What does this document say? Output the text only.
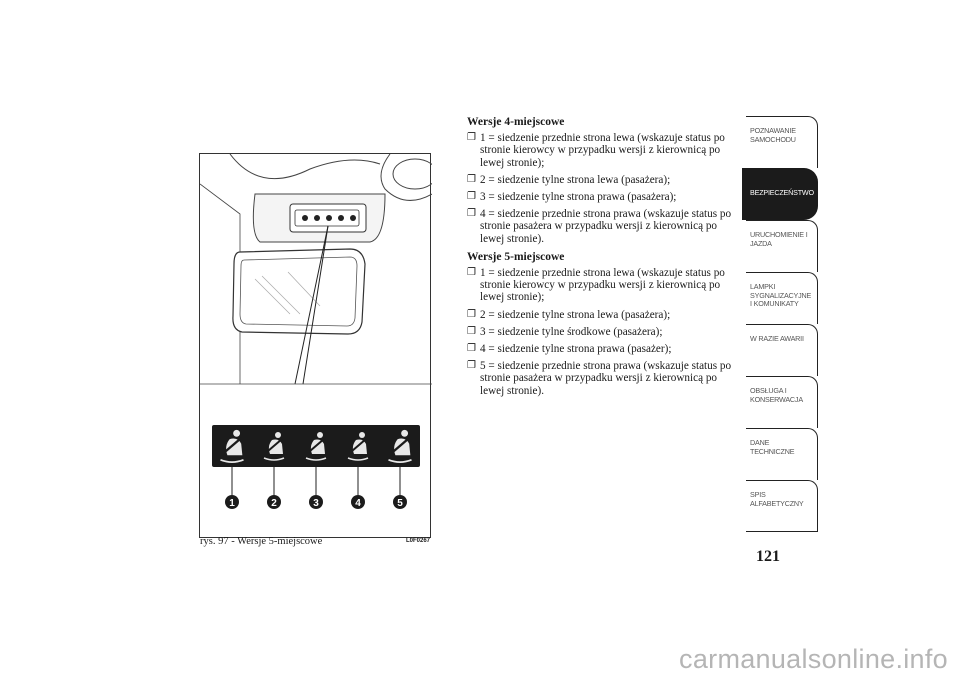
1	2	3	4	5
rys. 97 - Wersje 5-miejscowe	L0F0267
Wersje 4-miejscowe
❐ 1 = siedzenie przednie strona lewa (wskazuje status po stronie kierowcy w przypadku wersji z kierownicą po lewej stronie);
❐ 2 = siedzenie tylne strona lewa (pasażera);
❐ 3 = siedzenie tylne strona prawa (pasażera);
❐ 4 = siedzenie przednie strona prawa (wskazuje status po stronie pasażera w przypadku wersji z kierownicą po lewej stronie).
Wersje 5-miejscowe
❐ 1 = siedzenie przednie strona lewa (wskazuje status po stronie kierowcy w przypadku wersji z kierownicą po lewej stronie);
❐ 2 = siedzenie tylne strona lewa (pasażera);
❐ 3 = siedzenie tylne środkowe (pasażera);
❐ 4 = siedzenie tylne strona prawa (pasażer);
❐ 5 = siedzenie przednie strona prawa (wskazuje status po stronie pasażera w przypadku wersji z kierownicą po lewej stronie).
POZNAWANIE SAMOCHODU
BEZPIECZEŃSTWO
URUCHOMIENIE I JAZDA
LAMPKI SYGNALIZACYJNE I KOMUNIKATY
W RAZIE AWARII
OBSŁUGA I KONSERWACJA
DANE TECHNICZNE
SPIS ALFABETYCZNY
121
carmanualsonline.info
